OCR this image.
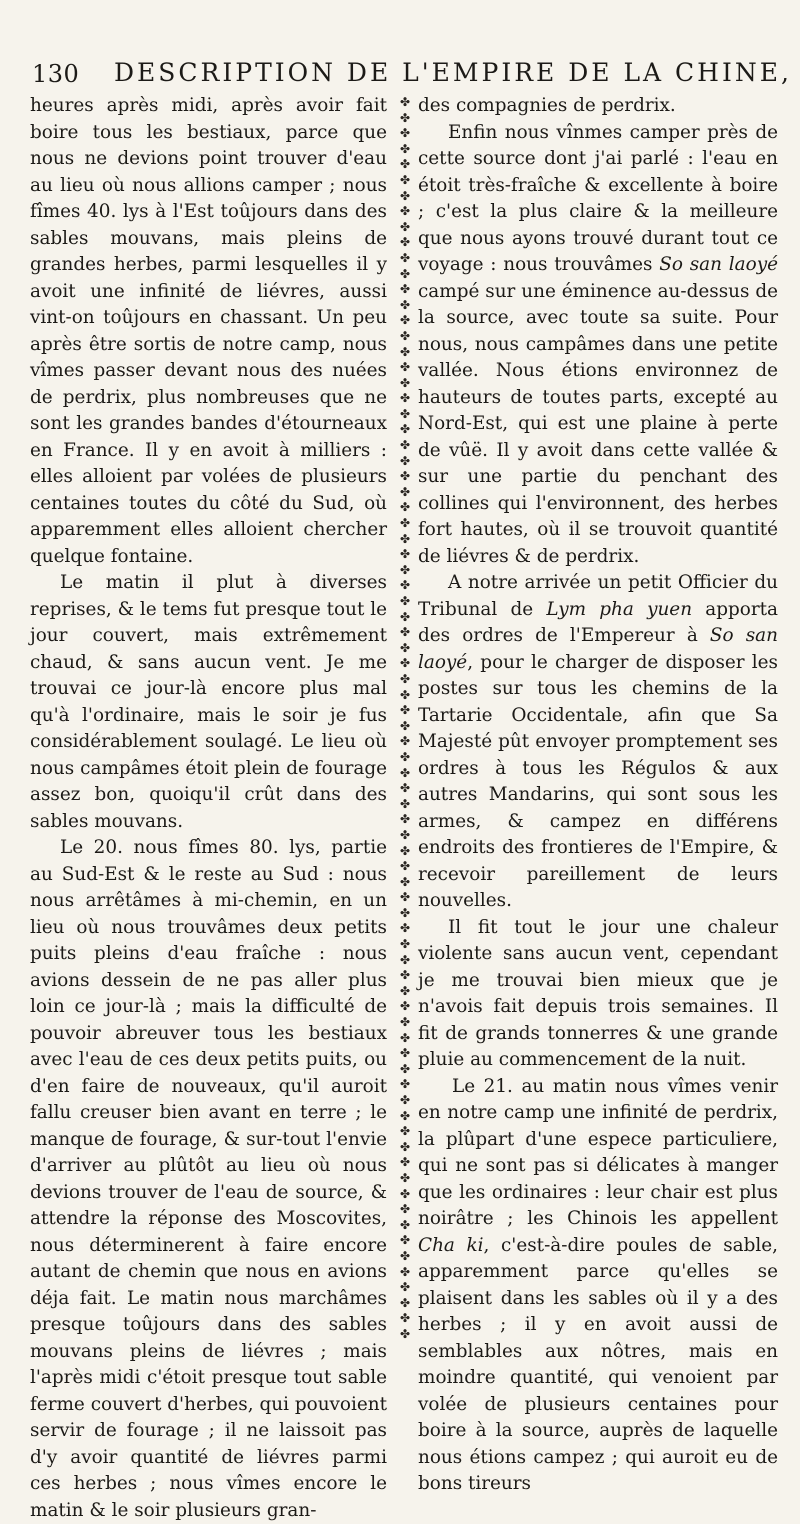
130 DESCRIPTION DE L'EMPIRE DE LA CHINE,

heures après midi, après avoir fait boire tous les bestiaux, parce que nous ne devions point trouver d'eau au lieu où nous allions camper ; nous fîmes 40. lys à l'Est toûjours dans des sables mouvans, mais pleins de grandes herbes, parmi lesquelles il y avoit une infinité de liévres, aussi vint-on toûjours en chassant. Un peu après être sortis de notre camp, nous vîmes passer devant nous des nuées de perdrix, plus nombreuses que ne sont les grandes bandes d'étourneaux en France. Il y en avoit à milliers : elles alloient par volées de plusieurs centaines toutes du côté du Sud, où apparemment elles alloient chercher quelque fontaine.

Le matin il plut à diverses reprises, & le tems fut presque tout le jour couvert, mais extrêmement chaud, & sans aucun vent. Je me trouvai ce jour-là encore plus mal qu'à l'ordinaire, mais le soir je fus considérablement soulagé. Le lieu où nous campâmes étoit plein de fourage assez bon, quoiqu'il crût dans des sables mouvans.

Le 20. nous fîmes 80. lys, partie au Sud-Est & le reste au Sud : nous nous arrêtâmes à mi-chemin, en un lieu où nous trouvâmes deux petits puits pleins d'eau fraîche : nous avions dessein de ne pas aller plus loin ce jour-là ; mais la difficulté de pouvoir abreuver tous les bestiaux avec l'eau de ces deux petits puits, ou d'en faire de nouveaux, qu'il auroit fallu creuser bien avant en terre ; le manque de fourage, & sur-tout l'envie d'arriver au plûtôt au lieu où nous devions trouver de l'eau de source, & attendre la réponse des Moscovites, nous déterminerent à faire encore autant de chemin que nous en avions déja fait. Le matin nous marchâmes presque toûjours dans des sables mouvans pleins de liévres ; mais l'après midi c'étoit presque tout sable ferme couvert d'herbes, qui pouvoient servir de fourage ; il ne laissoit pas d'y avoir quantité de liévres parmi ces herbes ; nous vîmes encore le matin & le soir plusieurs gran-

✤
✤
✤
✤
✤
✤
✤
✤
✤
✤
✤
✤
✤
✤
✤
✤
✤
✤
✤
✤
✤
✤
✤
✤
✤
✤
✤
✤
✤
✤
✤
✤
✤
✤
✤
✤
✤
✤
✤
✤
✤
✤
✤
✤
✤
✤
✤
✤
✤
✤
✤
✤
✤
✤
✤
✤
✤
✤
✤
✤
✤
✤
✤
✤
✤
✤
✤
✤
✤
✤
✤
✤
✤
✤
✤
✤
✤
✤
✤
✤

des compagnies de perdrix.

Enfin nous vînmes camper près de cette source dont j'ai parlé : l'eau en étoit très-fraîche & excellente à boire ; c'est la plus claire & la meilleure que nous ayons trouvé durant tout ce voyage : nous trouvâmes So san laoyé campé sur une éminence au-dessus de la source, avec toute sa suite. Pour nous, nous campâmes dans une petite vallée. Nous étions environnez de hauteurs de toutes parts, excepté au Nord-Est, qui est une plaine à perte de vûë. Il y avoit dans cette vallée & sur une partie du penchant des collines qui l'environnent, des herbes fort hautes, où il se trouvoit quantité de liévres & de perdrix.

A notre arrivée un petit Officier du Tribunal de Lym pha yuen apporta des ordres de l'Empereur à So san laoyé, pour le charger de disposer les postes sur tous les chemins de la Tartarie Occidentale, afin que Sa Majesté pût envoyer promptement ses ordres à tous les Régulos & aux autres Mandarins, qui sont sous les armes, & campez en différens endroits des frontieres de l'Empire, & recevoir pareillement de leurs nouvelles.

Il fit tout le jour une chaleur violente sans aucun vent, cependant je me trouvai bien mieux que je n'avois fait depuis trois semaines. Il fit de grands tonnerres & une grande pluie au commencement de la nuit.

Le 21. au matin nous vîmes venir en notre camp une infinité de perdrix, la plûpart d'une espece particuliere, qui ne sont pas si délicates à manger que les ordinaires : leur chair est plus noirâtre ; les Chinois les appellent Cha ki, c'est-à-dire poules de sable, apparemment parce qu'elles se plaisent dans les sables où il y a des herbes ; il y en avoit aussi de semblables aux nôtres, mais en moindre quantité, qui venoient par volée de plusieurs centaines pour boire à la source, auprès de laquelle nous étions campez ; qui auroit eu de bons tireurs
